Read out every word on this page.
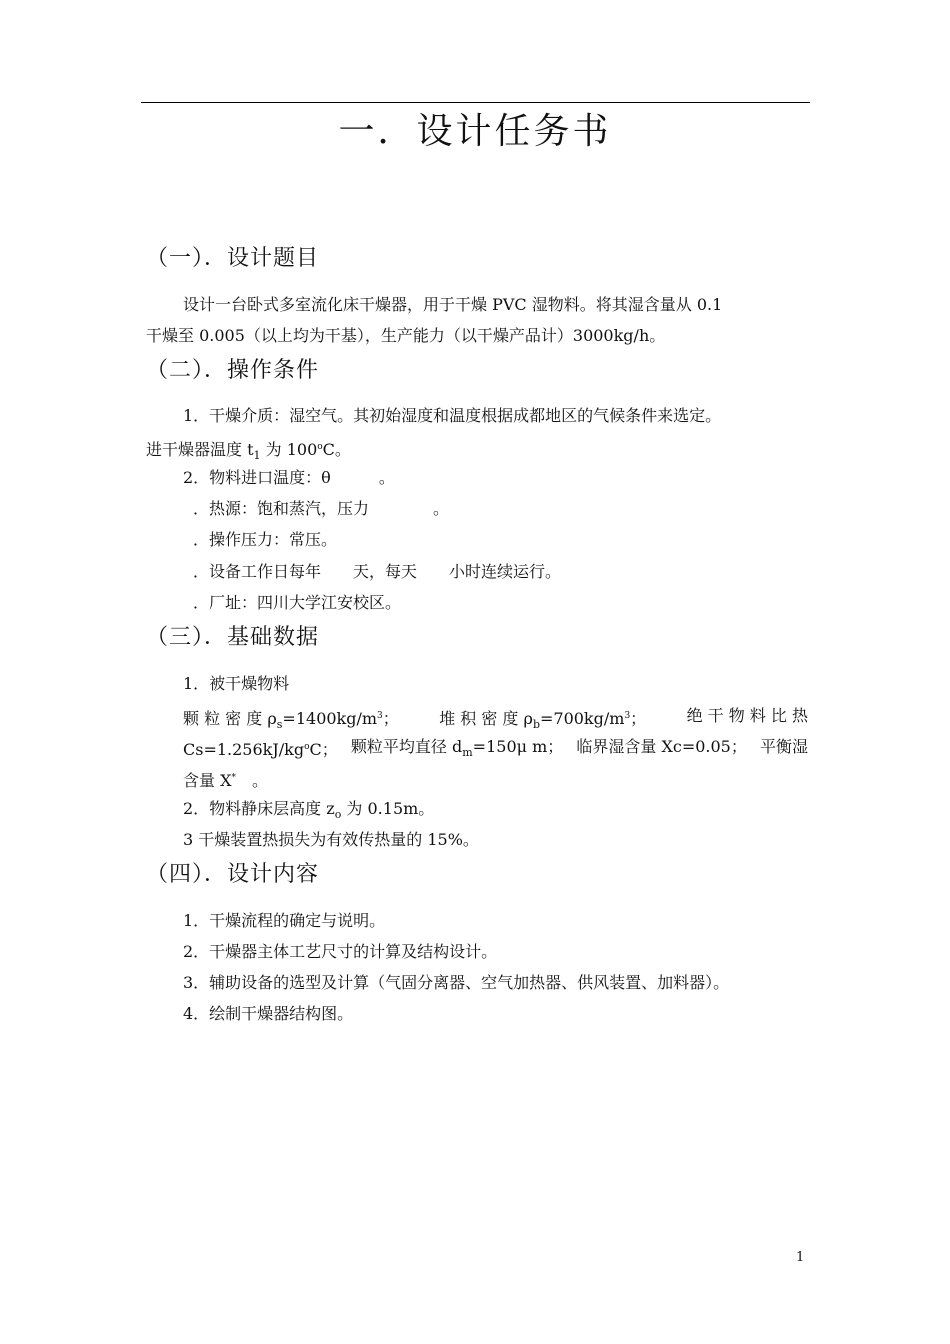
一．设计任务书
（一）．设计题目
设计一台卧式多室流化床干燥器，用于干燥 PVC 湿物料。将其湿含量从 0.1
干燥至 0.005（以上均为干基），生产能力（以干燥产品计）3000kg/h。
（二）．操作条件
1．干燥介质：湿空气。其初始湿度和温度根据成都地区的气候条件来选定。
进干燥器温度 $t_1$ 为 100$^o$C。
2．物料进口温度：θ　　　。
．热源：饱和蒸汽，压力　　　　。
．操作压力：常压。
．设备工作日每年　　天，每天　　小时连续运行。
．厂址：四川大学江安校区。
（三）．基础数据
1．被干燥物料
颗 粒 密 度 $\rho_s=1400kg/m^3$；	堆 积 密 度 $\rho_b=700kg/m^3$；	绝 干 物 料 比 热
$Cs=1.256kJ/kg^oC$； 颗粒平均直径 $d_m=150\mu$ m； 临界湿含量 Xc=0.05； 平衡湿
含量 X*　。
2．物料静床层高度 $z_o$ 为 0.15m。
3 干燥装置热损失为有效传热量的 15%。
（四）．设计内容
1．干燥流程的确定与说明。
2．干燥器主体工艺尺寸的计算及结构设计。
3．辅助设备的选型及计算（气固分离器、空气加热器、供风装置、加料器）。
4．绘制干燥器结构图。
1
